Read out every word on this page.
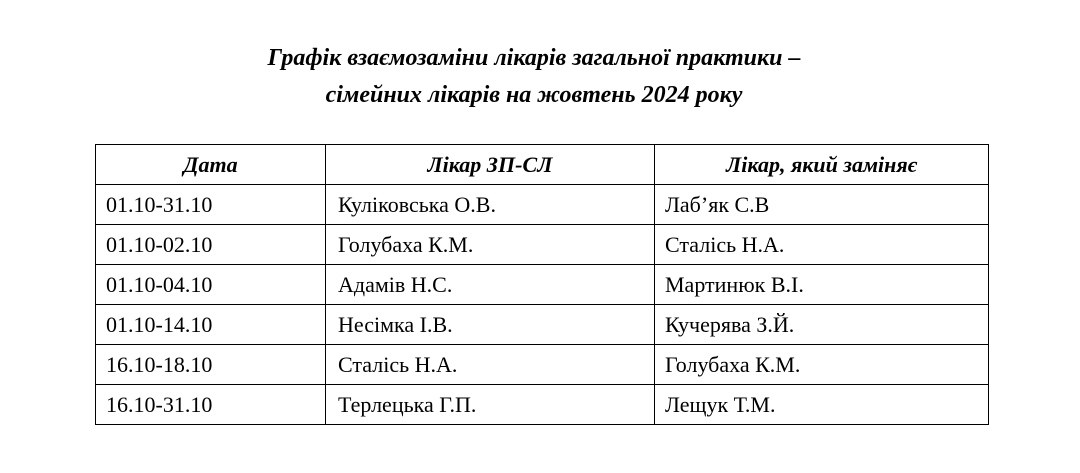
Графік взаємозаміни лікарів загальної практики –
сімейних лікарів на жовтень 2024 року
Дата	Лікар ЗП-СЛ	Лікар, який заміняє
01.10-31.10	Куліковська О.В.	Лаб’як С.В
01.10-02.10	Голубаха К.М.	Сталісь Н.А.
01.10-04.10	Адамів Н.С.	Мартинюк В.І.
01.10-14.10	Несімка І.В.	Кучерява З.Й.
16.10-18.10	Сталісь Н.А.	Голубаха К.М.
16.10-31.10	Терлецька Г.П.	Лещук Т.М.
